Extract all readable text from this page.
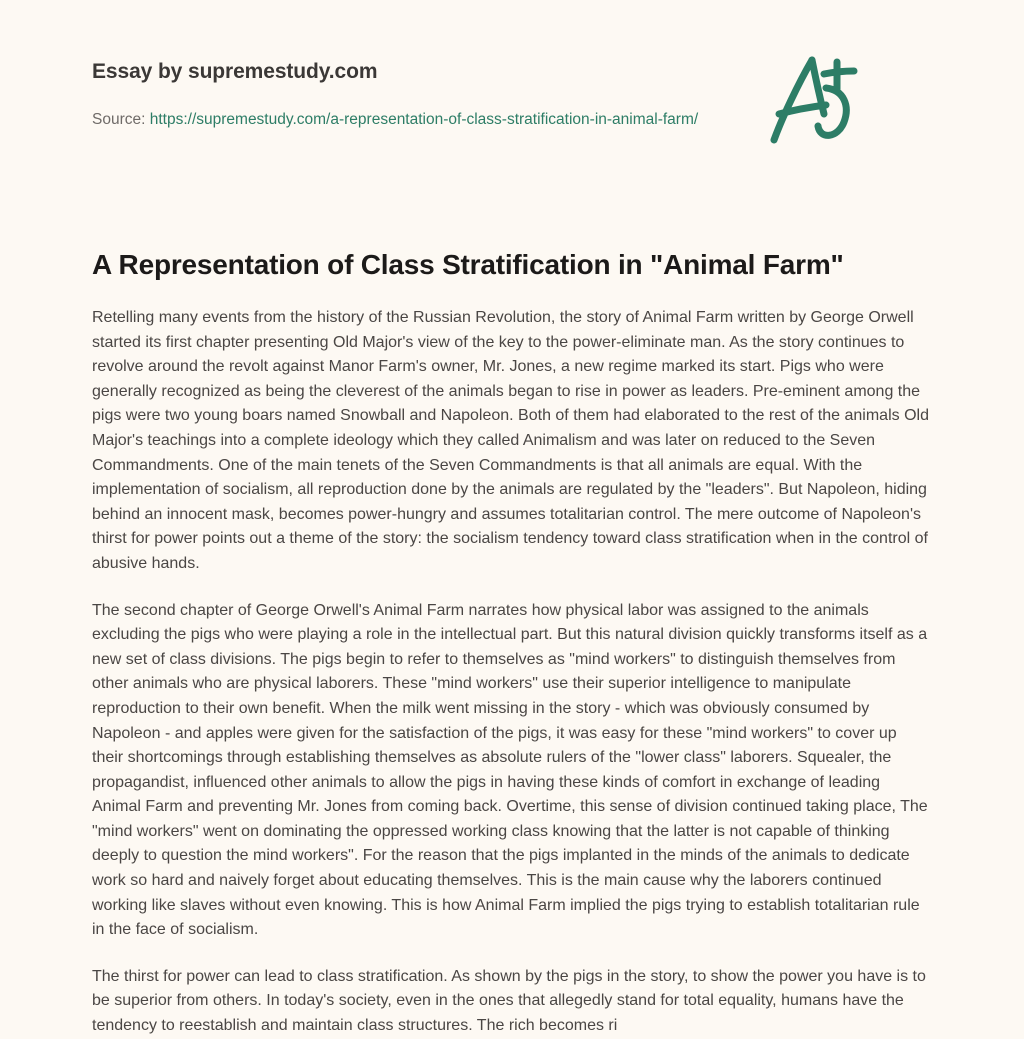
Essay by supremestudy.com
Source: https://supremestudy.com/a-representation-of-class-stratification-in-animal-farm/
A Representation of Class Stratification in "Animal Farm"

Retelling many events from the history of the Russian Revolution, the story of Animal Farm written by George Orwell started its first chapter presenting Old Major's view of the key to the power-eliminate man. As the story continues to revolve around the revolt against Manor Farm's owner, Mr. Jones, a new regime marked its start. Pigs who were generally recognized as being the cleverest of the animals began to rise in power as leaders. Pre-eminent among the pigs were two young boars named Snowball and Napoleon. Both of them had elaborated to the rest of the animals Old Major's teachings into a complete ideology which they called Animalism and was later on reduced to the Seven Commandments. One of the main tenets of the Seven Commandments is that all animals are equal. With the implementation of socialism, all reproduction done by the animals are regulated by the "leaders". But Napoleon, hiding behind an innocent mask, becomes power-hungry and assumes totalitarian control. The mere outcome of Napoleon's thirst for power points out a theme of the story: the socialism tendency toward class stratification when in the control of abusive hands.

The second chapter of George Orwell's Animal Farm narrates how physical labor was assigned to the animals excluding the pigs who were playing a role in the intellectual part. But this natural division quickly transforms itself as a new set of class divisions. The pigs begin to refer to themselves as "mind workers" to distinguish themselves from other animals who are physical laborers. These "mind workers" use their superior intelligence to manipulate reproduction to their own benefit. When the milk went missing in the story - which was obviously consumed by Napoleon - and apples were given for the satisfaction of the pigs, it was easy for these "mind workers" to cover up their shortcomings through establishing themselves as absolute rulers of the "lower class" laborers. Squealer, the propagandist, influenced other animals to allow the pigs in having these kinds of comfort in exchange of leading Animal Farm and preventing Mr. Jones from coming back. Overtime, this sense of division continued taking place, The "mind workers" went on dominating the oppressed working class knowing that the latter is not capable of thinking deeply to question the mind workers". For the reason that the pigs implanted in the minds of the animals to dedicate work so hard and naively forget about educating themselves. This is the main cause why the laborers continued working like slaves without even knowing. This is how Animal Farm implied the pigs trying to establish totalitarian rule in the face of socialism.

The thirst for power can lead to class stratification. As shown by the pigs in the story, to show the power you have is to be superior from others. In today's society, even in the ones that allegedly stand for total equality, humans have the tendency to reestablish and maintain class structures. The rich becomes ri
